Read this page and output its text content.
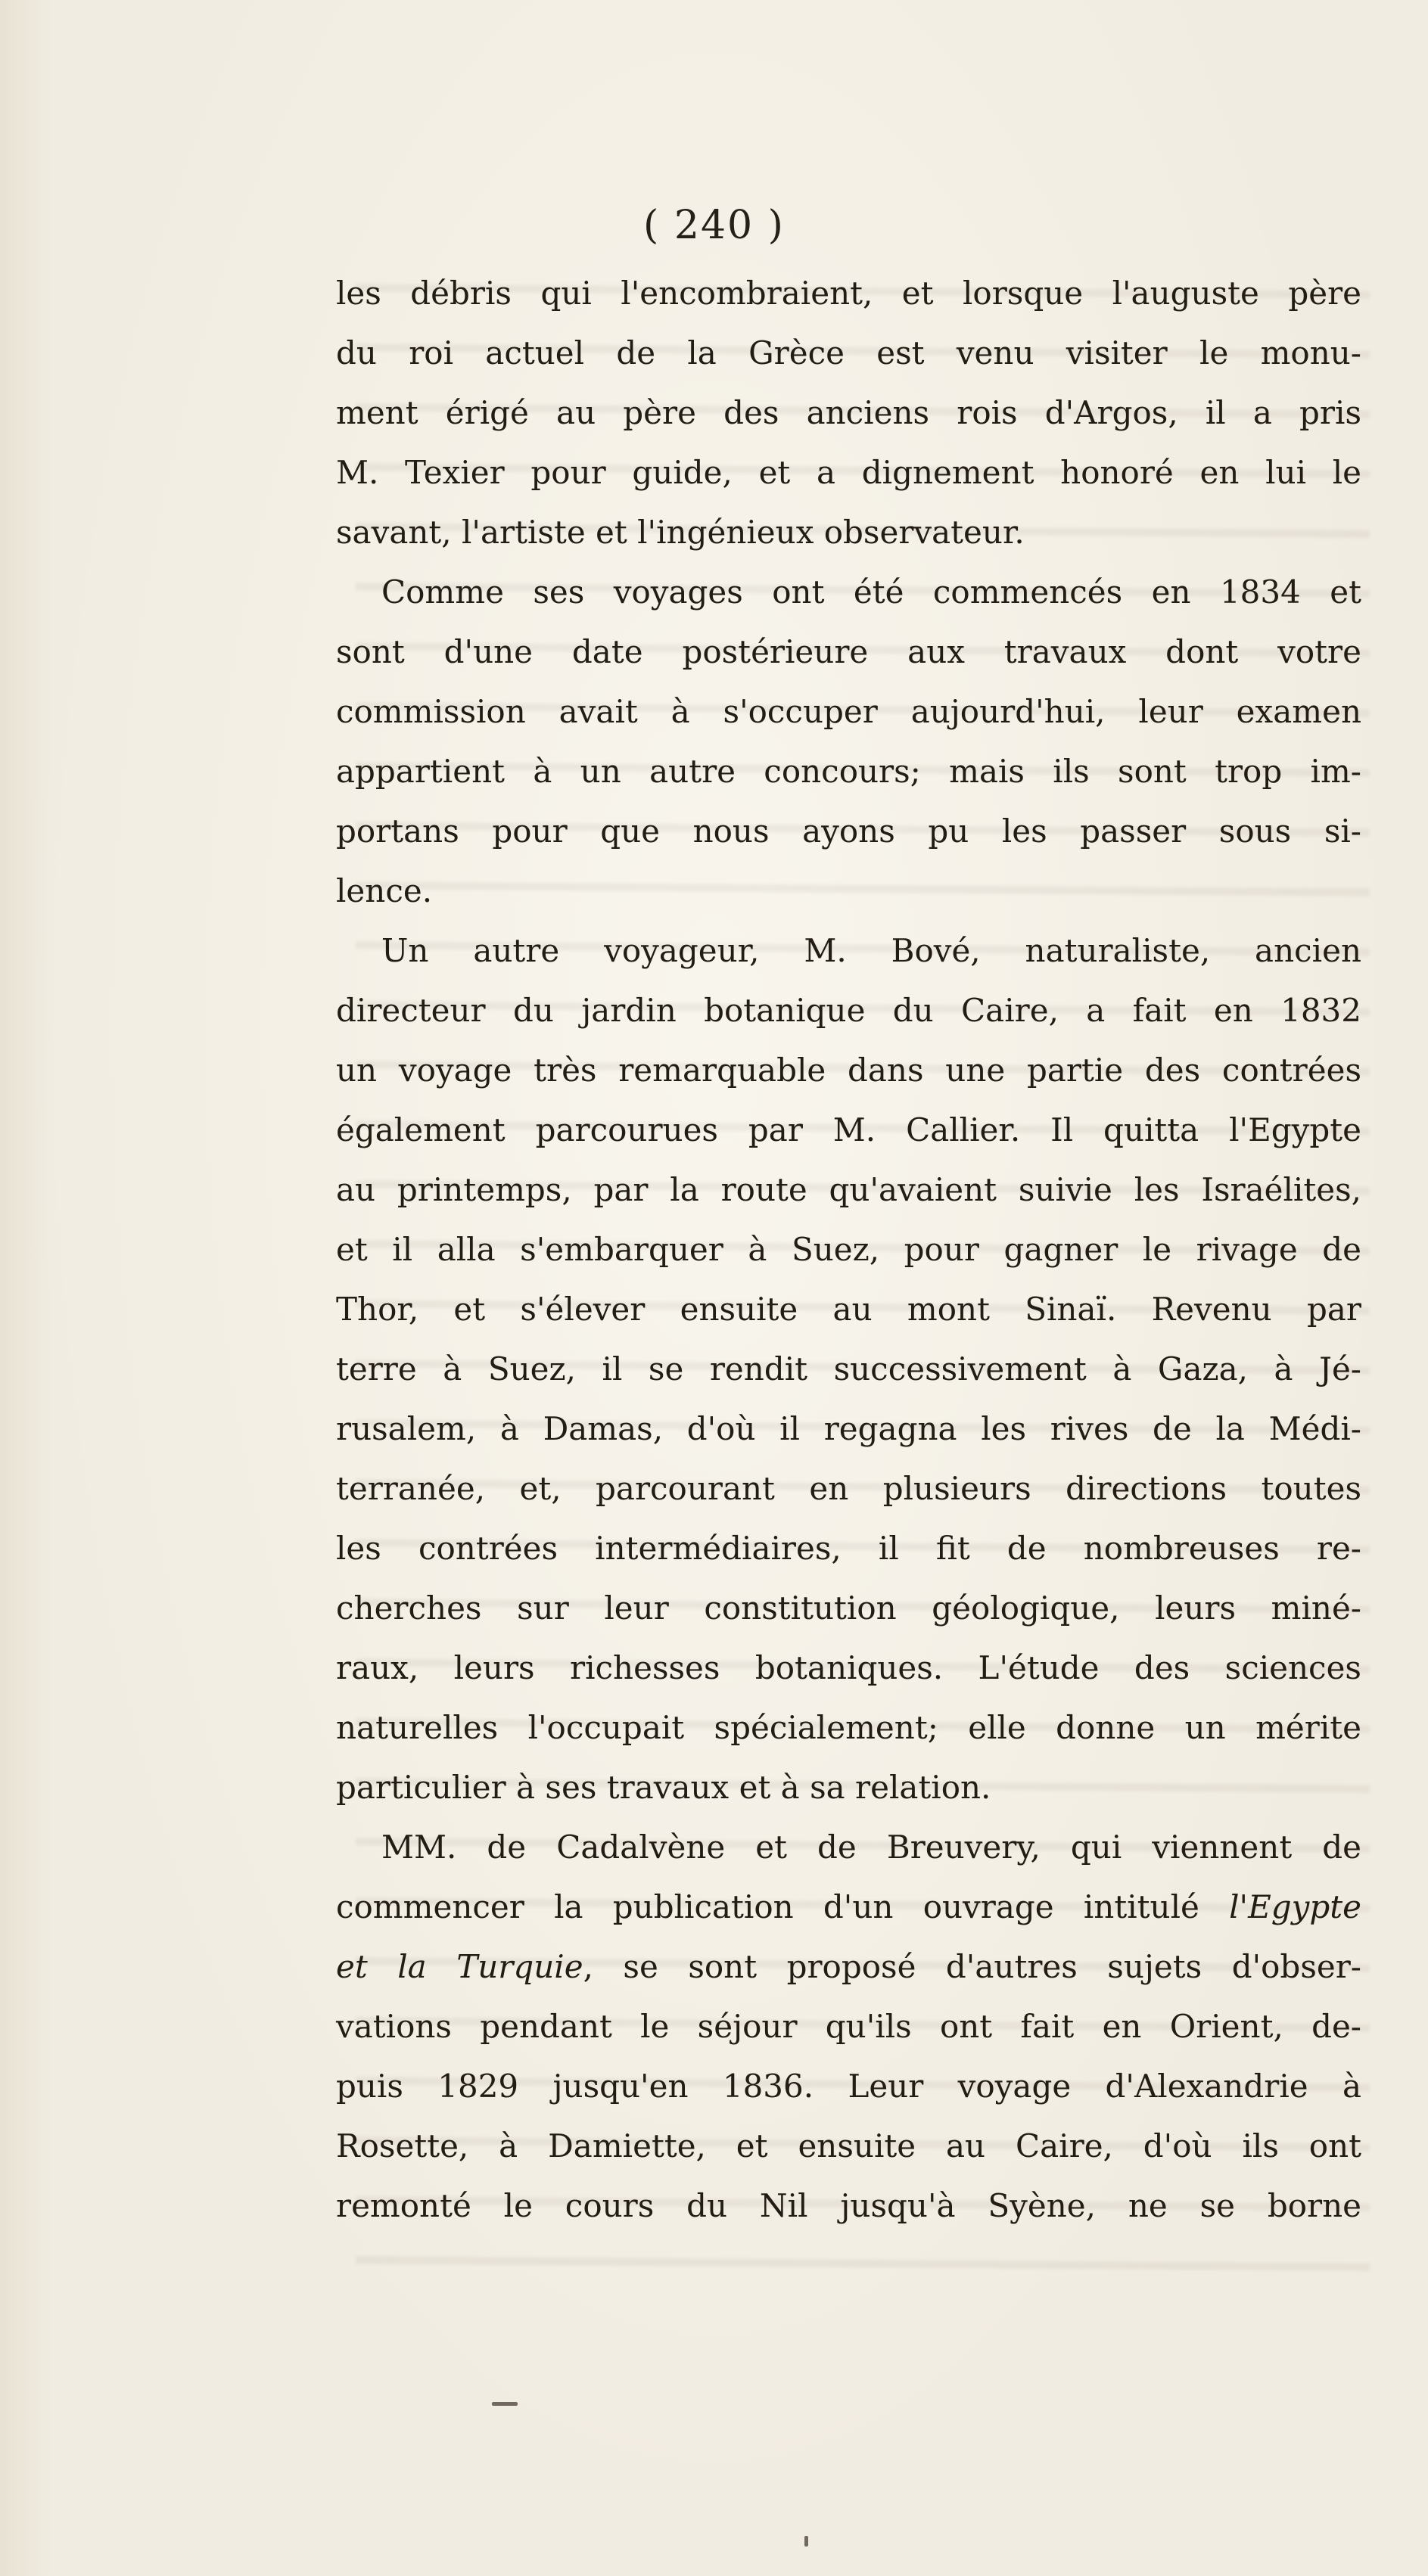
( 240 )
les débris qui l'encombraient, et lorsque l'auguste père
du roi actuel de la Grèce est venu visiter le monu-
ment érigé au père des anciens rois d'Argos, il a pris
M. Texier pour guide, et a dignement honoré en lui le
savant, l'artiste et l'ingénieux observateur.
Comme ses voyages ont été commencés en 1834 et
sont d'une date postérieure aux travaux dont votre
commission avait à s'occuper aujourd'hui, leur examen
appartient à un autre concours; mais ils sont trop im-
portans pour que nous ayons pu les passer sous si-
lence.
Un autre voyageur, M. Bové, naturaliste, ancien
directeur du jardin botanique du Caire, a fait en 1832
un voyage très remarquable dans une partie des contrées
également parcourues par M. Callier. Il quitta l'Egypte
au printemps, par la route qu'avaient suivie les Israélites,
et il alla s'embarquer à Suez, pour gagner le rivage de
Thor, et s'élever ensuite au mont Sinaï. Revenu par
terre à Suez, il se rendit successivement à Gaza, à Jé-
rusalem, à Damas, d'où il regagna les rives de la Médi-
terranée, et, parcourant en plusieurs directions toutes
les contrées intermédiaires, il fit de nombreuses re-
cherches sur leur constitution géologique, leurs miné-
raux, leurs richesses botaniques. L'étude des sciences
naturelles l'occupait spécialement; elle donne un mérite
particulier à ses travaux et à sa relation.
MM. de Cadalvène et de Breuvery, qui viennent de
commencer la publication d'un ouvrage intitulé l'Egypte
et la Turquie, se sont proposé d'autres sujets d'obser-
vations pendant le séjour qu'ils ont fait en Orient, de-
puis 1829 jusqu'en 1836. Leur voyage d'Alexandrie à
Rosette, à Damiette, et ensuite au Caire, d'où ils ont
remonté le cours du Nil jusqu'à Syène, ne se borne
